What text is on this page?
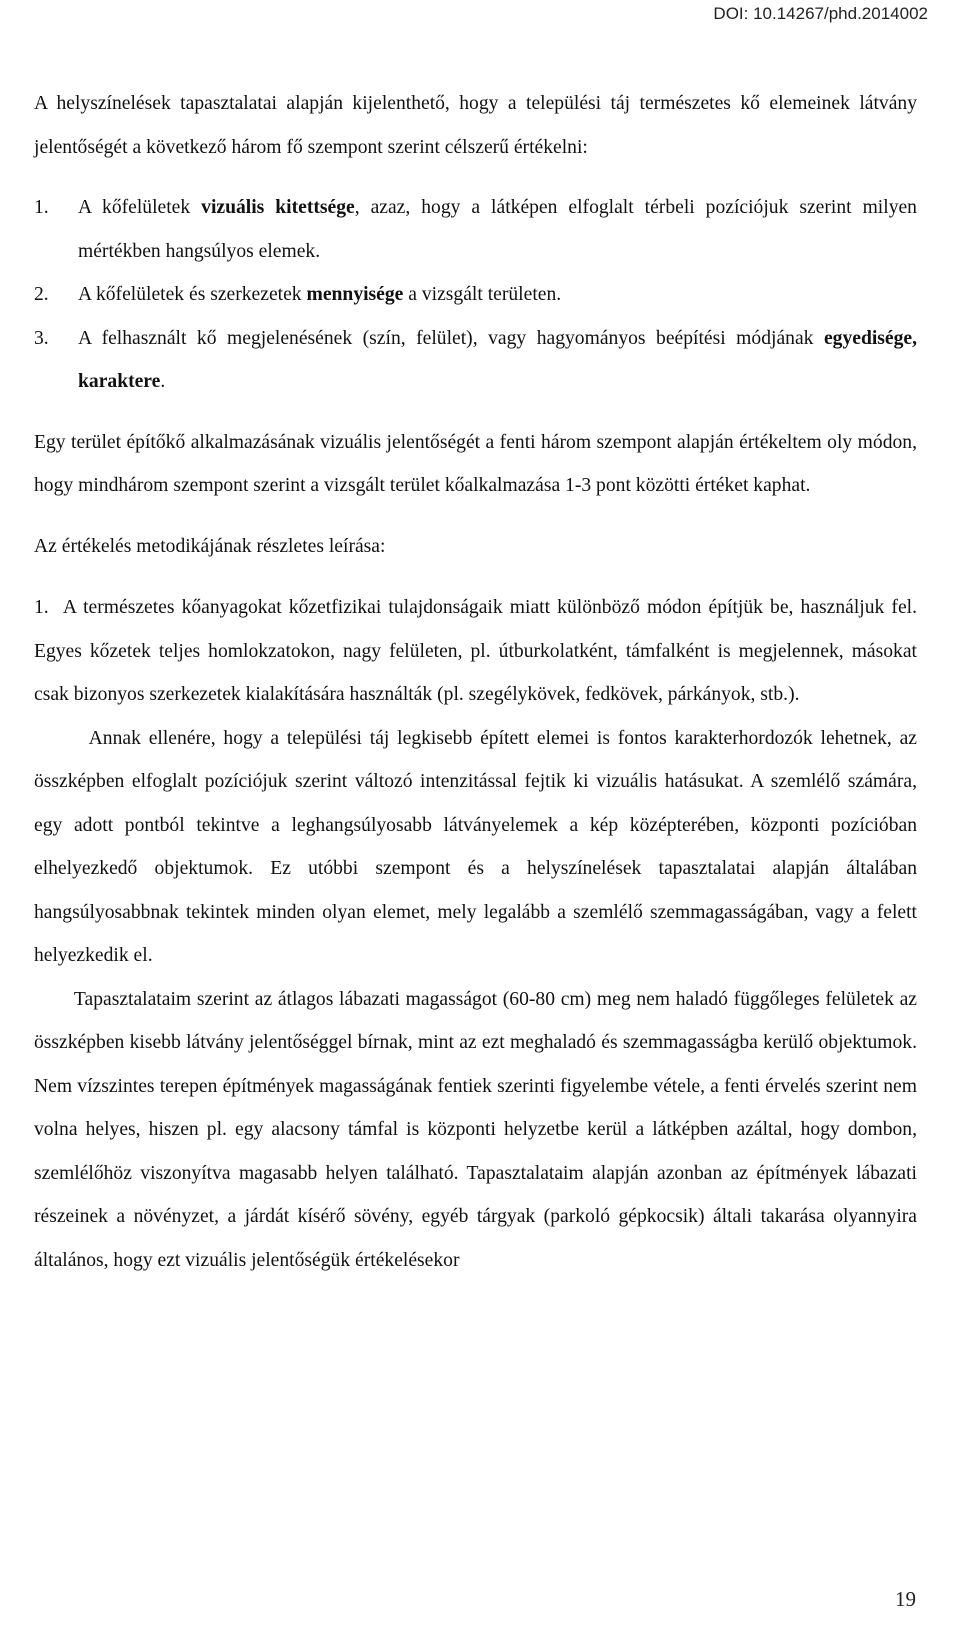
DOI: 10.14267/phd.2014002

A helyszínelések tapasztalatai alapján kijelenthető, hogy a települési táj természetes kő elemeinek látvány jelentőségét a következő három fő szempont szerint célszerű értékelni:

1. A kőfelületek vizuális kitettsége, azaz, hogy a látképen elfoglalt térbeli pozíciójuk szerint milyen mértékben hangsúlyos elemek.
2. A kőfelületek és szerkezetek mennyisége a vizsgált területen.
3. A felhasznált kő megjelenésének (szín, felület), vagy hagyományos beépítési módjának egyedisége, karaktere.

Egy terület építőkő alkalmazásának vizuális jelentőségét a fenti három szempont alapján értékeltem oly módon, hogy mindhárom szempont szerint a vizsgált terület kőalkalmazása 1-3 pont közötti értéket kaphat.

Az értékelés metodikájának részletes leírása:

1. A természetes kőanyagokat kőzetfizikai tulajdonságaik miatt különböző módon építjük be, használjuk fel. Egyes kőzetek teljes homlokzatokon, nagy felületen, pl. útburkolatként, támfalként is megjelennek, másokat csak bizonyos szerkezetek kialakítására használták (pl. szegélykövek, fedkövek, párkányok, stb.).

Annak ellenére, hogy a települési táj legkisebb épített elemei is fontos karakterhordozók lehetnek, az összképben elfoglalt pozíciójuk szerint változó intenzitással fejtik ki vizuális hatásukat. A szemlélő számára, egy adott pontból tekintve a leghangsúlyosabb látványelemek a kép középterében, központi pozícióban elhelyezkedő objektumok. Ez utóbbi szempont és a helyszínelések tapasztalatai alapján általában hangsúlyosabbnak tekintek minden olyan elemet, mely legalább a szemlélő szemmagasságában, vagy a felett helyezkedik el.

Tapasztalataim szerint az átlagos lábazati magasságot (60-80 cm) meg nem haladó függőleges felületek az összképben kisebb látvány jelentőséggel bírnak, mint az ezt meghaladó és szemmagasságba kerülő objektumok. Nem vízszintes terepen építmények magasságának fentiek szerinti figyelembe vétele, a fenti érvelés szerint nem volna helyes, hiszen pl. egy alacsony támfal is központi helyzetbe kerül a látképben azáltal, hogy dombon, szemlélőhöz viszonyítva magasabb helyen található. Tapasztalataim alapján azonban az építmények lábazati részeinek a növényzet, a járdát kísérő sövény, egyéb tárgyak (parkoló gépkocsik) általi takarása olyannyira általános, hogy ezt vizuális jelentőségük értékelésekor

19
